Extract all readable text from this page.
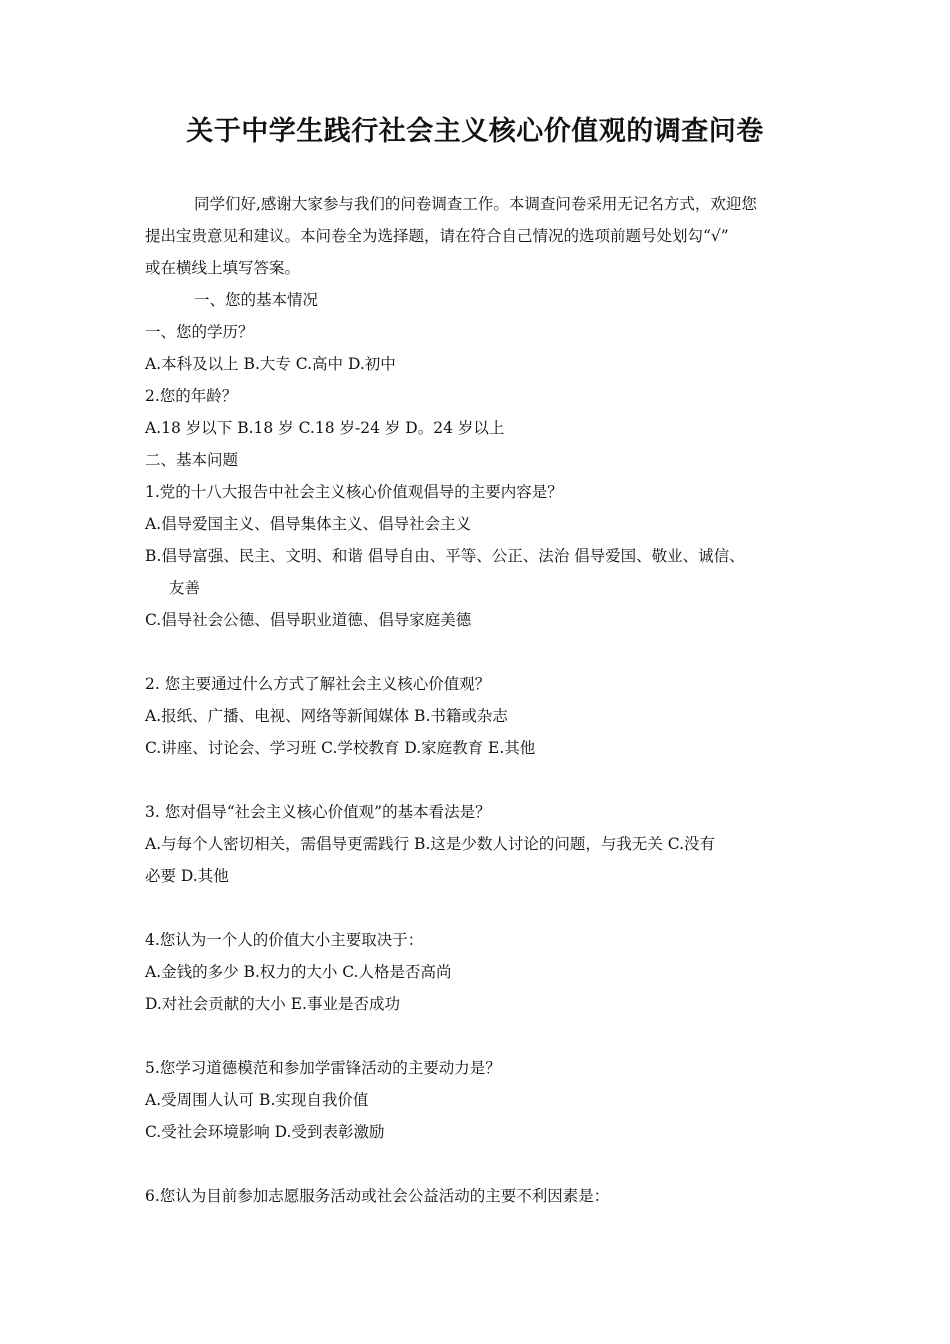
关于中学生践行社会主义核心价值观的调查问卷
同学们好,感谢大家参与我们的问卷调查工作。本调查问卷采用无记名方式，欢迎您
提出宝贵意见和建议。本问卷全为选择题，请在符合自己情况的选项前题号处划勾“√”
或在横线上填写答案。
一、您的基本情况
一、您的学历？
A.本科及以上 B.大专 C.高中 D.初中
2.您的年龄？
A.18 岁以下 B.18 岁 C.18 岁-24 岁 D。24 岁以上
二、基本问题
1.党的十八大报告中社会主义核心价值观倡导的主要内容是？
A.倡导爱国主义、倡导集体主义、倡导社会主义
B.倡导富强、民主、文明、和谐 倡导自由、平等、公正、法治 倡导爱国、敬业、诚信、
友善
C.倡导社会公德、倡导职业道德、倡导家庭美德
2. 您主要通过什么方式了解社会主义核心价值观？
A.报纸、广播、电视、网络等新闻媒体 B.书籍或杂志
C.讲座、讨论会、学习班 C.学校教育 D.家庭教育 E.其他
3. 您对倡导“社会主义核心价值观”的基本看法是？
A.与每个人密切相关，需倡导更需践行 B.这是少数人讨论的问题，与我无关 C.没有
必要 D.其他
4.您认为一个人的价值大小主要取决于：
A.金钱的多少 B.权力的大小 C.人格是否高尚
D.对社会贡献的大小 E.事业是否成功
5.您学习道德模范和参加学雷锋活动的主要动力是？
A.受周围人认可 B.实现自我价值
C.受社会环境影响 D.受到表彰激励
6.您认为目前参加志愿服务活动或社会公益活动的主要不利因素是：
